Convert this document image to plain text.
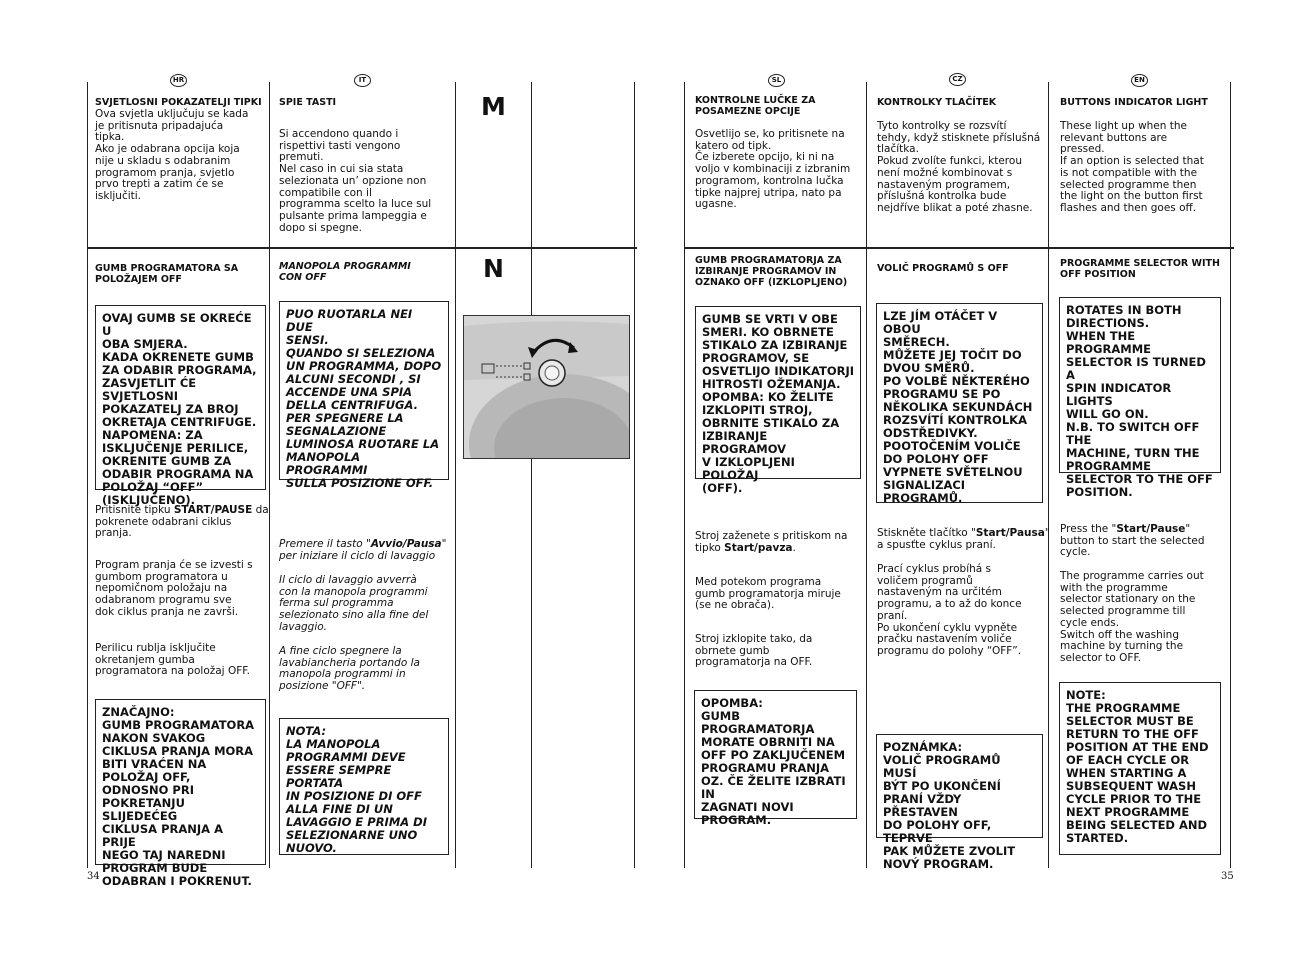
HR	IT	SL	CZ	EN
M
N
SVJETLOSNI POKAZATELJI TIPKI
Ova svjetla uključuju se kada
je pritisnuta pripadajuća
tipka.
Ako je odabrana opcija koja
nije u skladu s odabranim
programom pranja, svjetlo
prvo trepti a zatim će se
isključiti.
GUMB PROGRAMATORA SA
POLOŽAJEM OFF
OVAJ GUMB SE OKREĆE U
OBA SMJERA.
KADA OKRENETE GUMB
ZA ODABIR PROGRAMA,
ZASVJETLIT ĆE SVJETLOSNI
POKAZATELJ ZA BROJ
OKRETAJA CENTRIFUGE.
NAPOMENA: ZA
ISKLJUČENJE PERILICE,
OKRENITE GUMB ZA
ODABIR PROGRAMA NA
POLOŽAJ “OFF”
(ISKLJUČENO).
Pritisnite tipku START/PAUSE da
pokrenete odabrani ciklus
pranja.
Program pranja će se izvesti s
gumbom programatora u
nepomičnom položaju na
odabranom programu sve
dok ciklus pranja ne završi.
Perilicu rublja isključite
okretanjem gumba
programatora na položaj OFF.
ZNAČAJNO:
GUMB PROGRAMATORA
NAKON SVAKOG
CIKLUSA PRANJA MORA
BITI VRAĆEN NA
POLOŽAJ OFF,
ODNOSNO PRI
POKRETANJU SLIJEDEĆEG
CIKLUSA PRANJA A PRIJE
NEGO TAJ NAREDNI
PROGRAM BUDE
ODABRAN I POKRENUT.
SPIE TASTI
Si accendono quando i
rispettivi tasti vengono
premuti.
Nel caso in cui sia stata
selezionata un’ opzione non
compatibile con il
programma scelto la luce sul
pulsante prima lampeggia e
dopo si spegne.
MANOPOLA PROGRAMMI
CON OFF
PUO RUOTARLA NEI DUE
SENSI.
QUANDO SI SELEZIONA
UN PROGRAMMA, DOPO
ALCUNI SECONDI , SI
ACCENDE UNA SPIA
DELLA CENTRIFUGA.
PER SPEGNERE LA
SEGNALAZIONE
LUMINOSA RUOTARE LA
MANOPOLA PROGRAMMI
SULLA POSIZIONE OFF.
Premere il tasto "Avvio/Pausa"
per iniziare il ciclo di lavaggio
Il ciclo di lavaggio avverrà
con la manopola programmi
ferma sul programma
selezionato sino alla fine del
lavaggio.
A fine ciclo spegnere la
lavabiancheria portando la
manopola programmi in
posizione "OFF".
NOTA:
LA MANOPOLA
PROGRAMMI DEVE
ESSERE SEMPRE PORTATA
IN POSIZIONE DI OFF
ALLA FINE DI UN
LAVAGGIO E PRIMA DI
SELEZIONARNE UNO
NUOVO.
KONTROLNE LUČKE ZA
POSAMEZNE OPCIJE
Osvetlijo se, ko pritisnete na
katero od tipk.
Če izberete opcijo, ki ni na
voljo v kombinaciji z izbranim
programom, kontrolna lučka
tipke najprej utripa, nato pa
ugasne.
GUMB PROGRAMATORJA ZA
IZBIRANJE PROGRAMOV IN
OZNAKO OFF (IZKLOPLJENO)
GUMB SE VRTI V OBE
SMERI. KO OBRNETE
STIKALO ZA IZBIRANJE
PROGRAMOV, SE
OSVETLIJO INDIKATORJI
HITROSTI OŽEMANJA.
OPOMBA: KO ŽELITE
IZKLOPITI STROJ,
OBRNITE STIKALO ZA
IZBIRANJE PROGRAMOV
V IZKLOPLJENI POLOŽAJ
(OFF).
Stroj zaženete s pritiskom na
tipko Start/pavza.
Med potekom programa
gumb programatorja miruje
(se ne obrača).
Stroj izklopite tako, da
obrnete gumb
programatorja na OFF.
OPOMBA:
GUMB
PROGRAMATORJA
MORATE OBRNITI NA
OFF PO ZAKLJUČENEM
PROGRAMU PRANJA
OZ. ČE ŽELITE IZBRATI IN
ZAGNATI NOVI
PROGRAM.
KONTROLKY TLAČÍTEK
Tyto kontrolky se rozsvítí
tehdy, když stisknete příslušná
tlačítka.
Pokud zvolíte funkci, kterou
není možné kombinovat s
nastaveným programem,
příslušná kontrolka bude
nejdříve blikat a poté zhasne.
VOLIČ PROGRAMŮ S OFF
LZE JÍM OTÁČET V OBOU
SMĚRECH.
MŮŽETE JEJ TOČIT DO
DVOU SMĚRŮ.
PO VOLBĚ NĚKTERÉHO
PROGRAMU SE PO
NĚKOLIKA SEKUNDÁCH
ROZSVÍTÍ KONTROLKA
ODSTŘEDIVKY.
POOTOČENÍM VOLIČE
DO POLOHY OFF
VYPNETE SVĚTELNOU
SIGNALIZACI
PROGRAMŮ.
Stiskněte tlačítko "Start/Pausa"
a spusťte cyklus praní.
Prací cyklus probíhá s
voličem programů
nastaveným na určitém
programu, a to až do konce
praní.
Po ukončení cyklu vypněte
pračku nastavením voliče
programu do polohy “OFF”.
POZNÁMKA:
VOLIČ PROGRAMŮ MUSÍ
BÝT PO UKONČENÍ
PRANÍ VŽDY PŘESTAVEN
DO POLOHY OFF, TEPRVE
PAK MŮŽETE ZVOLIT
NOVÝ PROGRAM.
BUTTONS INDICATOR LIGHT
These light up when the
relevant buttons are
pressed.
If an option is selected that
is not compatible with the
selected programme then
the light on the button first
flashes and then goes off.
PROGRAMME SELECTOR WITH
OFF POSITION
ROTATES IN BOTH
DIRECTIONS.
WHEN THE
PROGRAMME
SELECTOR IS TURNED A
SPIN INDICATOR LIGHTS
WILL GO ON.
N.B. TO SWITCH OFF THE
MACHINE, TURN THE
PROGRAMME
SELECTOR TO THE OFF
POSITION.
Press the "Start/Pause"
button to start the selected
cycle.
The programme carries out
with the programme
selector stationary on the
selected programme till
cycle ends.
Switch off the washing
machine by turning the
selector to OFF.
NOTE:
THE PROGRAMME
SELECTOR MUST BE
RETURN TO THE OFF
POSITION AT THE END
OF EACH CYCLE OR
WHEN STARTING A
SUBSEQUENT WASH
CYCLE PRIOR TO THE
NEXT PROGRAMME
BEING SELECTED AND
STARTED.
34	35
